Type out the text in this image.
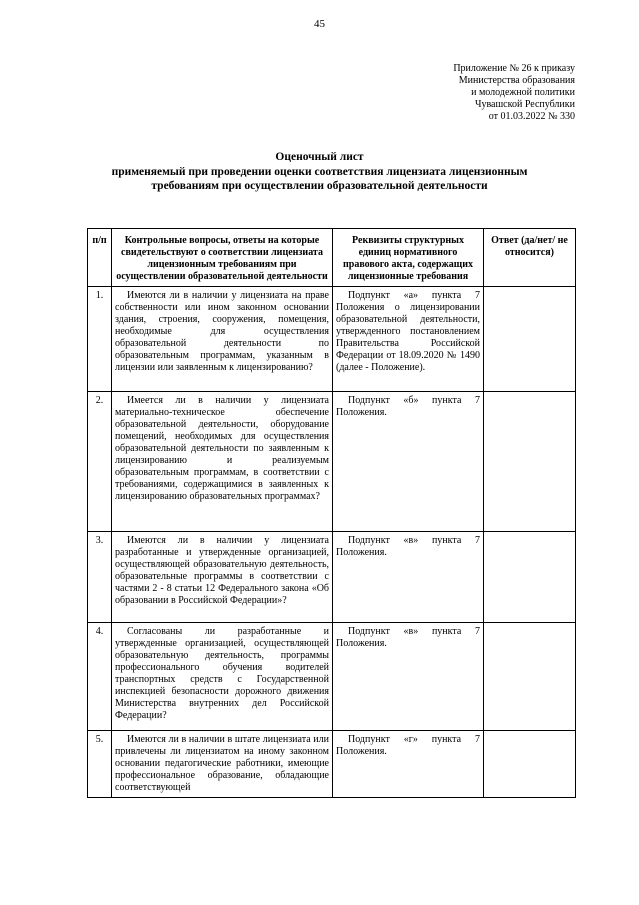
45
Приложение № 26 к приказу
Министерства образования
и молодежной политики
Чувашской Республики
от 01.03.2022 № 330
Оценочный лист
применяемый при проведении оценки соответствия лицензиата лицензионным
требованиям при осуществлении образовательной деятельности
п/п	Контрольные вопросы, ответы на которые свидетельствуют о соответствии лицензиата лицензионным требованиям при осуществлении образовательной деятельности	Реквизиты структурных единиц нормативного правового акта, содержащих лицензионные требования	Ответ (да/нет/ не относится)
1.	Имеются ли в наличии у лицензиата на праве собственности или ином законном основании здания, строения, сооружения, помещения, необходимые для осуществления образовательной деятельности по образовательным программам, указанным в лицензии или заявленным к лицензированию?	Подпункт «а» пункта 7 Положения о лицензировании образовательной деятельности, утвержденного постановлением Правительства Российской Федерации от 18.09.2020 № 1490 (далее - Положение).	
2.	Имеется ли в наличии у лицензиата материально-техническое обеспечение образовательной деятельности, оборудование помещений, необходимых для осуществления образовательной деятельности по заявленным к лицензированию и реализуемым образовательным программам, в соответствии с требованиями, содержащимися в заявленных к лицензированию образовательных программах?	Подпункт «б» пункта 7 Положения.	
3.	Имеются ли в наличии у лицензиата разработанные и утвержденные организацией, осуществляющей образовательную деятельность, образовательные программы в соответствии с частями 2 - 8 статьи 12 Федерального закона «Об образовании в Российской Федерации»?	Подпункт «в» пункта 7 Положения.	
4.	Согласованы ли разработанные и утвержденные организацией, осуществляющей образовательную деятельность, программы профессионального обучения водителей транспортных средств с Государственной инспекцией безопасности дорожного движения Министерства внутренних дел Российской Федерации?	Подпункт «в» пункта 7 Положения.	
5.	Имеются ли в наличии в штате лицензиата или привлечены ли лицензиатом на иному законном основании педагогические работники, имеющие профессиональное образование, обладающие соответствующей	Подпункт «г» пункта 7 Положения.	
